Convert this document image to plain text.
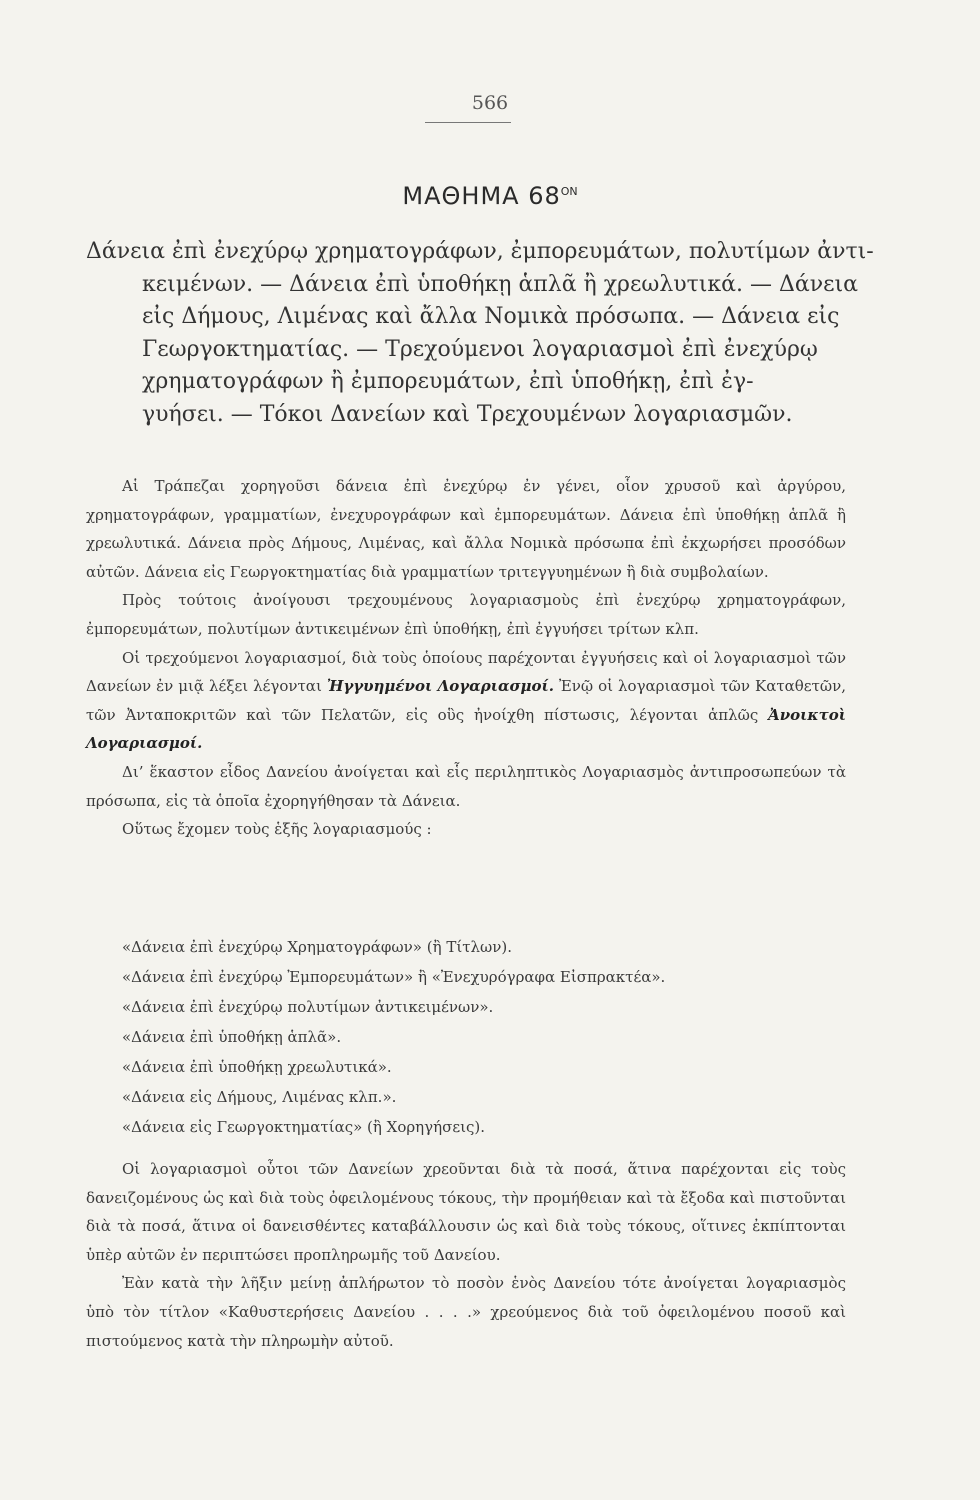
566
ΜΑΘΗΜΑ $68^{ON}$
Δάνεια ἐπὶ ἐνεχύρῳ χρηματογράφων, ἐμπορευμάτων, πολυτίμων ἀντι-
κειμένων. — Δάνεια ἐπὶ ὑποθήκῃ ἁπλᾶ ἢ χρεωλυτικά. — Δάνεια
εἰς Δήμους, Λιμένας καὶ ἄλλα Νομικὰ πρόσωπα. — Δάνεια εἰς
Γεωργοκτηματίας. — Τρεχούμενοι λογαριασμοὶ ἐπὶ ἐνεχύρῳ
χρηματογράφων ἢ ἐμπορευμάτων, ἐπὶ ὑποθήκῃ, ἐπὶ ἐγ-
γυήσει. — Τόκοι Δανείων καὶ Τρεχουμένων λογαριασμῶν.

Αἱ Τράπεζαι χορηγοῦσι δάνεια ἐπὶ ἐνεχύρῳ ἐν γένει, οἷον χρυσοῦ καὶ ἀργύρου, χρηματογράφων, γραμματίων, ἐνεχυρογράφων καὶ ἐμπορευμάτων. Δάνεια ἐπὶ ὑποθήκῃ ἁπλᾶ ἢ χρεωλυτικά. Δάνεια πρὸς Δήμους, Λιμένας, καὶ ἄλλα Νομικὰ πρόσωπα ἐπὶ ἐκχωρήσει προσόδων αὐτῶν. Δάνεια εἰς Γεωργοκτηματίας διὰ γραμματίων τριτεγγυημένων ἢ διὰ συμβολαίων.

Πρὸς τούτοις ἀνοίγουσι τρεχουμένους λογαριασμοὺς ἐπὶ ἐνεχύρῳ χρηματογράφων, ἐμπορευμάτων, πολυτίμων ἀντικειμένων ἐπὶ ὑποθήκῃ, ἐπὶ ἐγγυήσει τρίτων κλπ.

Οἱ τρεχούμενοι λογαριασμοί, διὰ τοὺς ὁποίους παρέχονται ἐγγυήσεις καὶ οἱ λογαριασμοὶ τῶν Δανείων ἐν μιᾷ λέξει λέγονται Ἠγγυημένοι Λογαριασμοί. Ἐνῷ οἱ λογαριασμοὶ τῶν Καταθετῶν, τῶν Ἀνταποκριτῶν καὶ τῶν Πελατῶν, εἰς οὓς ἠνοίχθη πίστωσις, λέγονται ἁπλῶς Ἀνοικτοὶ Λογαριασμοί.

Δι’ ἕκαστον εἶδος Δανείου ἀνοίγεται καὶ εἷς περιληπτικὸς Λογαριασμὸς ἀντιπροσωπεύων τὰ πρόσωπα, εἰς τὰ ὁποῖα ἐχορηγήθησαν τὰ Δάνεια.

Οὕτως ἔχομεν τοὺς ἑξῆς λογαριασμούς :

«Δάνεια ἐπὶ ἐνεχύρῳ Χρηματογράφων» (ἢ Τίτλων).
«Δάνεια ἐπὶ ἐνεχύρῳ Ἐμπορευμάτων» ἢ «Ἐνεχυρόγραφα Εἰσπρακτέα».
«Δάνεια ἐπὶ ἐνεχύρῳ πολυτίμων ἀντικειμένων».
«Δάνεια ἐπὶ ὑποθήκῃ ἁπλᾶ».
«Δάνεια ἐπὶ ὑποθήκῃ χρεωλυτικά».
«Δάνεια εἰς Δήμους, Λιμένας κλπ.».
«Δάνεια εἰς Γεωργοκτηματίας» (ἢ Χορηγήσεις).

Οἱ λογαριασμοὶ οὗτοι τῶν Δανείων χρεοῦνται διὰ τὰ ποσά, ἅτινα παρέχονται εἰς τοὺς δανειζομένους ὡς καὶ διὰ τοὺς ὀφειλομένους τόκους, τὴν προμήθειαν καὶ τὰ ἔξοδα καὶ πιστοῦνται διὰ τὰ ποσά, ἅτινα οἱ δανεισθέντες καταβάλλουσιν ὡς καὶ διὰ τοὺς τόκους, οἵτινες ἐκπίπτονται ὑπὲρ αὐτῶν ἐν περιπτώσει προπληρωμῆς τοῦ Δανείου.

Ἐὰν κατὰ τὴν λῆξιν μείνῃ ἀπλήρωτον τὸ ποσὸν ἑνὸς Δανείου τότε ἀνοίγεται λογαριασμὸς ὑπὸ τὸν τίτλον «Καθυστερήσεις Δανείου . . . .» χρεούμενος διὰ τοῦ ὀφειλομένου ποσοῦ καὶ πιστούμενος κατὰ τὴν πληρωμὴν αὐτοῦ.
